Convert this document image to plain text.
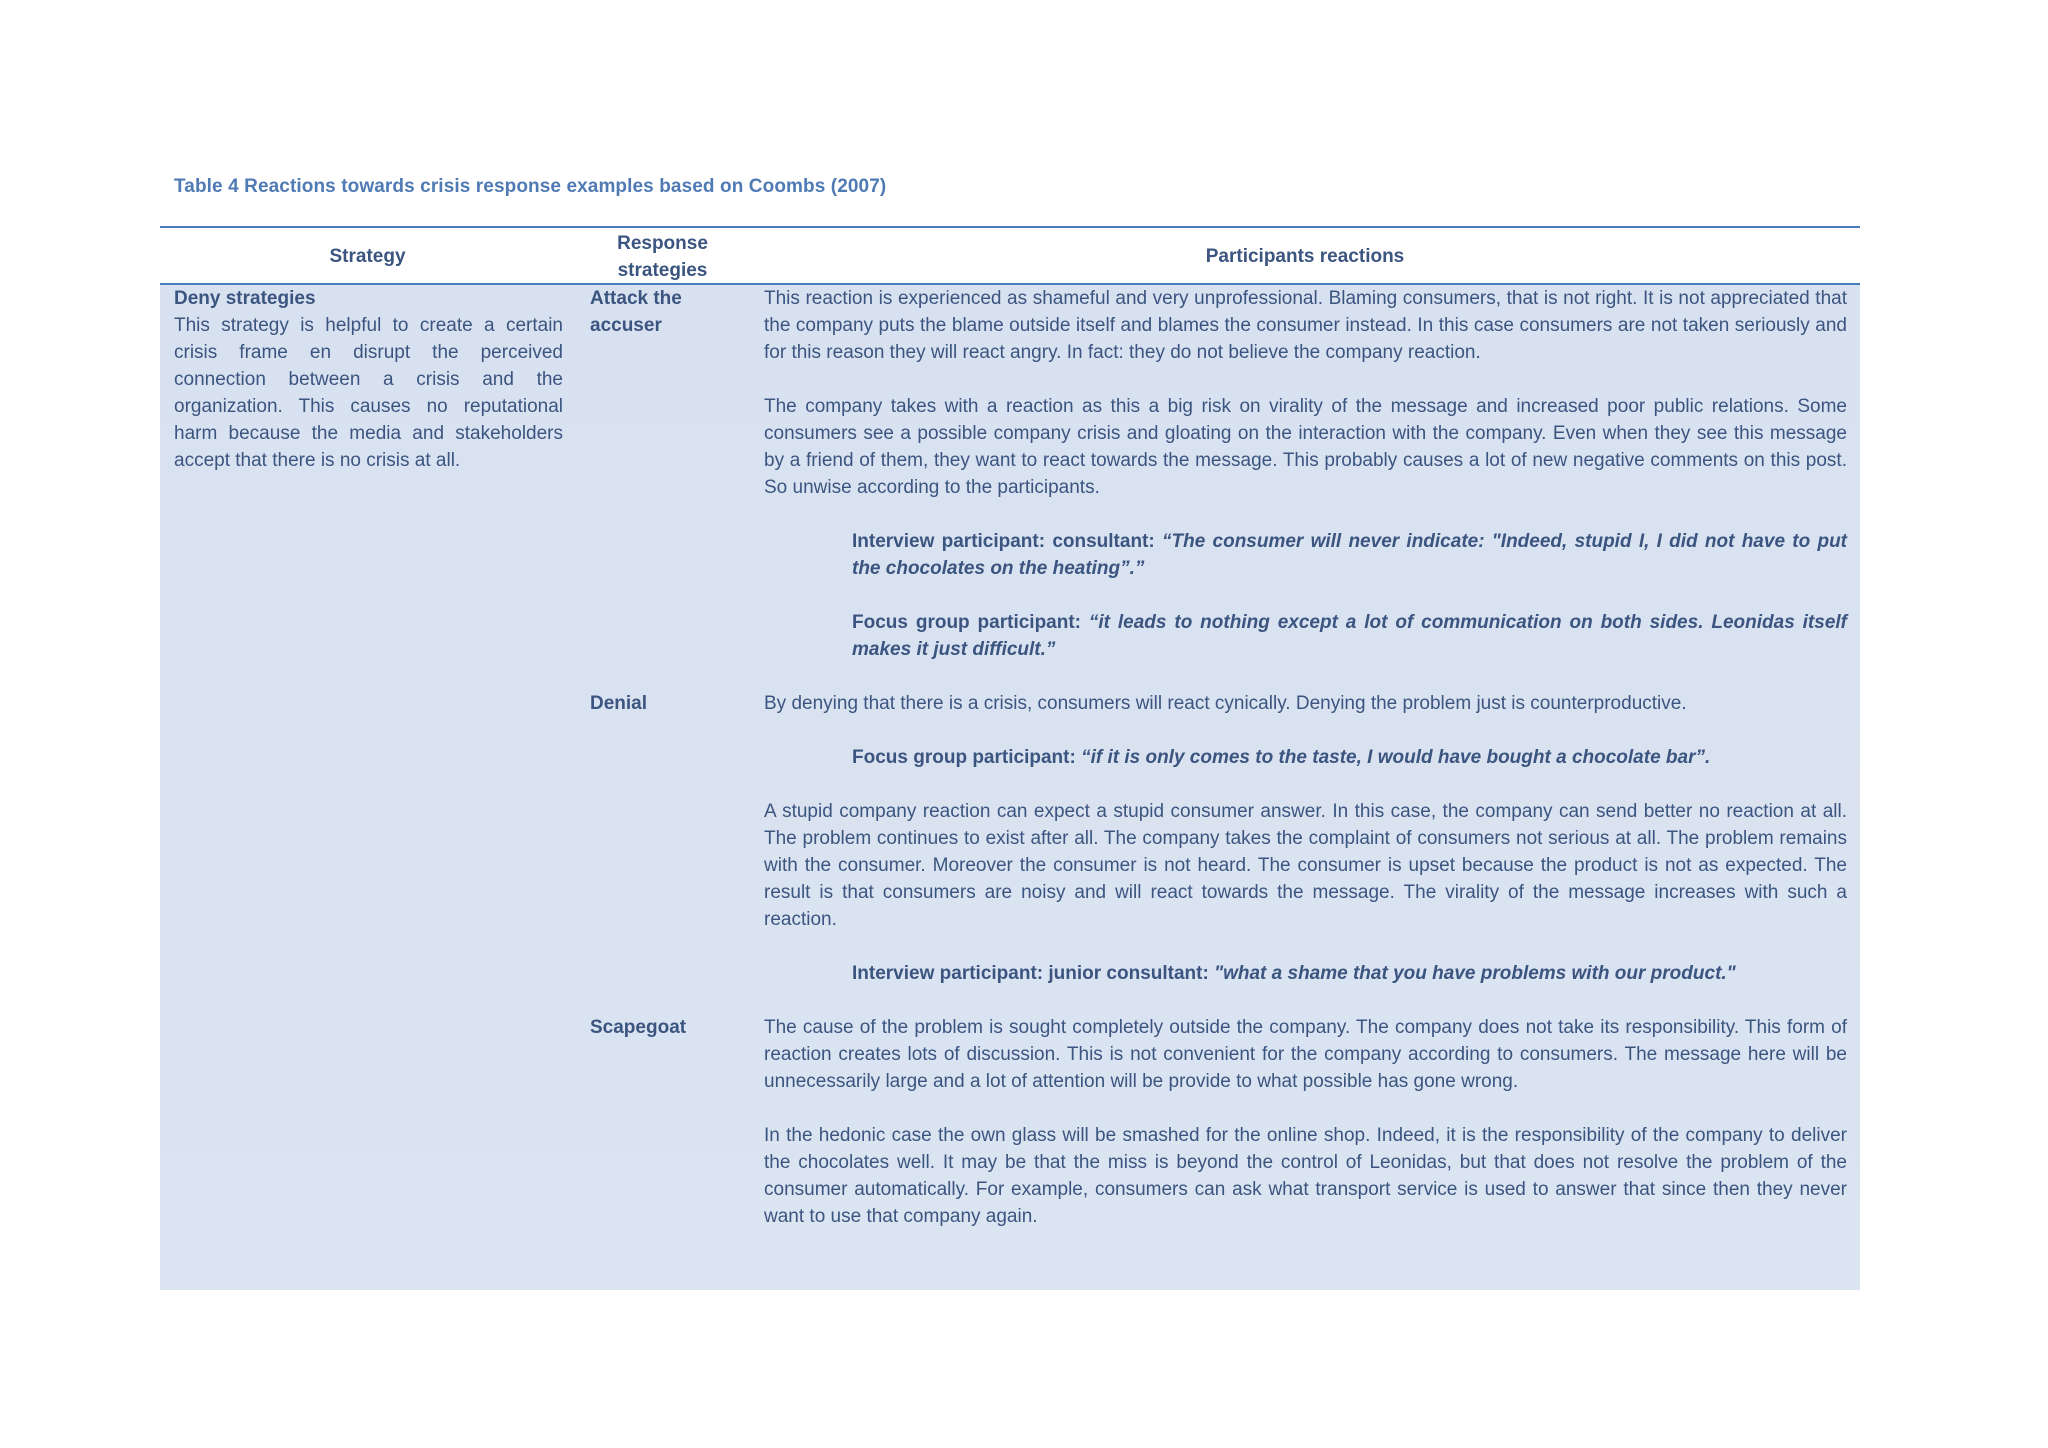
Table 4 Reactions towards crisis response examples based on Coombs (2007)
Strategy
Response strategies
Participants reactions
Deny strategies
This strategy is helpful to create a certain crisis frame en disrupt the perceived connection between a crisis and the organization. This causes no reputational harm because the media and stakeholders accept that there is no crisis at all.
Attack the accuser
This reaction is experienced as shameful and very unprofessional. Blaming consumers, that is not right. It is not appreciated that the company puts the blame outside itself and blames the consumer instead. In this case consumers are not taken seriously and for this reason they will react angry. In fact: they do not believe the company reaction.
The company takes with a reaction as this a big risk on virality of the message and increased poor public relations. Some consumers see a possible company crisis and gloating on the interaction with the company. Even when they see this message by a friend of them, they want to react towards the message. This probably causes a lot of new negative comments on this post. So unwise according to the participants.
Interview participant: consultant: “The consumer will never indicate: "Indeed, stupid I, I did not have to put the chocolates on the heating”.”
Focus group participant: “it leads to nothing except a lot of communication on both sides. Leonidas itself makes it just difficult.”
Denial	By denying that there is a crisis, consumers will react cynically. Denying the problem just is counterproductive.
Focus group participant: “if it is only comes to the taste, I would have bought a chocolate bar”.
A stupid company reaction can expect a stupid consumer answer. In this case, the company can send better no reaction at all. The problem continues to exist after all. The company takes the complaint of consumers not serious at all. The problem remains with the consumer. Moreover the consumer is not heard. The consumer is upset because the product is not as expected. The result is that consumers are noisy and will react towards the message. The virality of the message increases with such a reaction.
Interview participant: junior consultant: "what a shame that you have problems with our product."
Scapegoat	The cause of the problem is sought completely outside the company. The company does not take its responsibility. This form of reaction creates lots of discussion. This is not convenient for the company according to consumers. The message here will be unnecessarily large and a lot of attention will be provide to what possible has gone wrong.
In the hedonic case the own glass will be smashed for the online shop. Indeed, it is the responsibility of the company to deliver the chocolates well. It may be that the miss is beyond the control of Leonidas, but that does not resolve the problem of the consumer automatically. For example, consumers can ask what transport service is used to answer that since then they never want to use that company again.
